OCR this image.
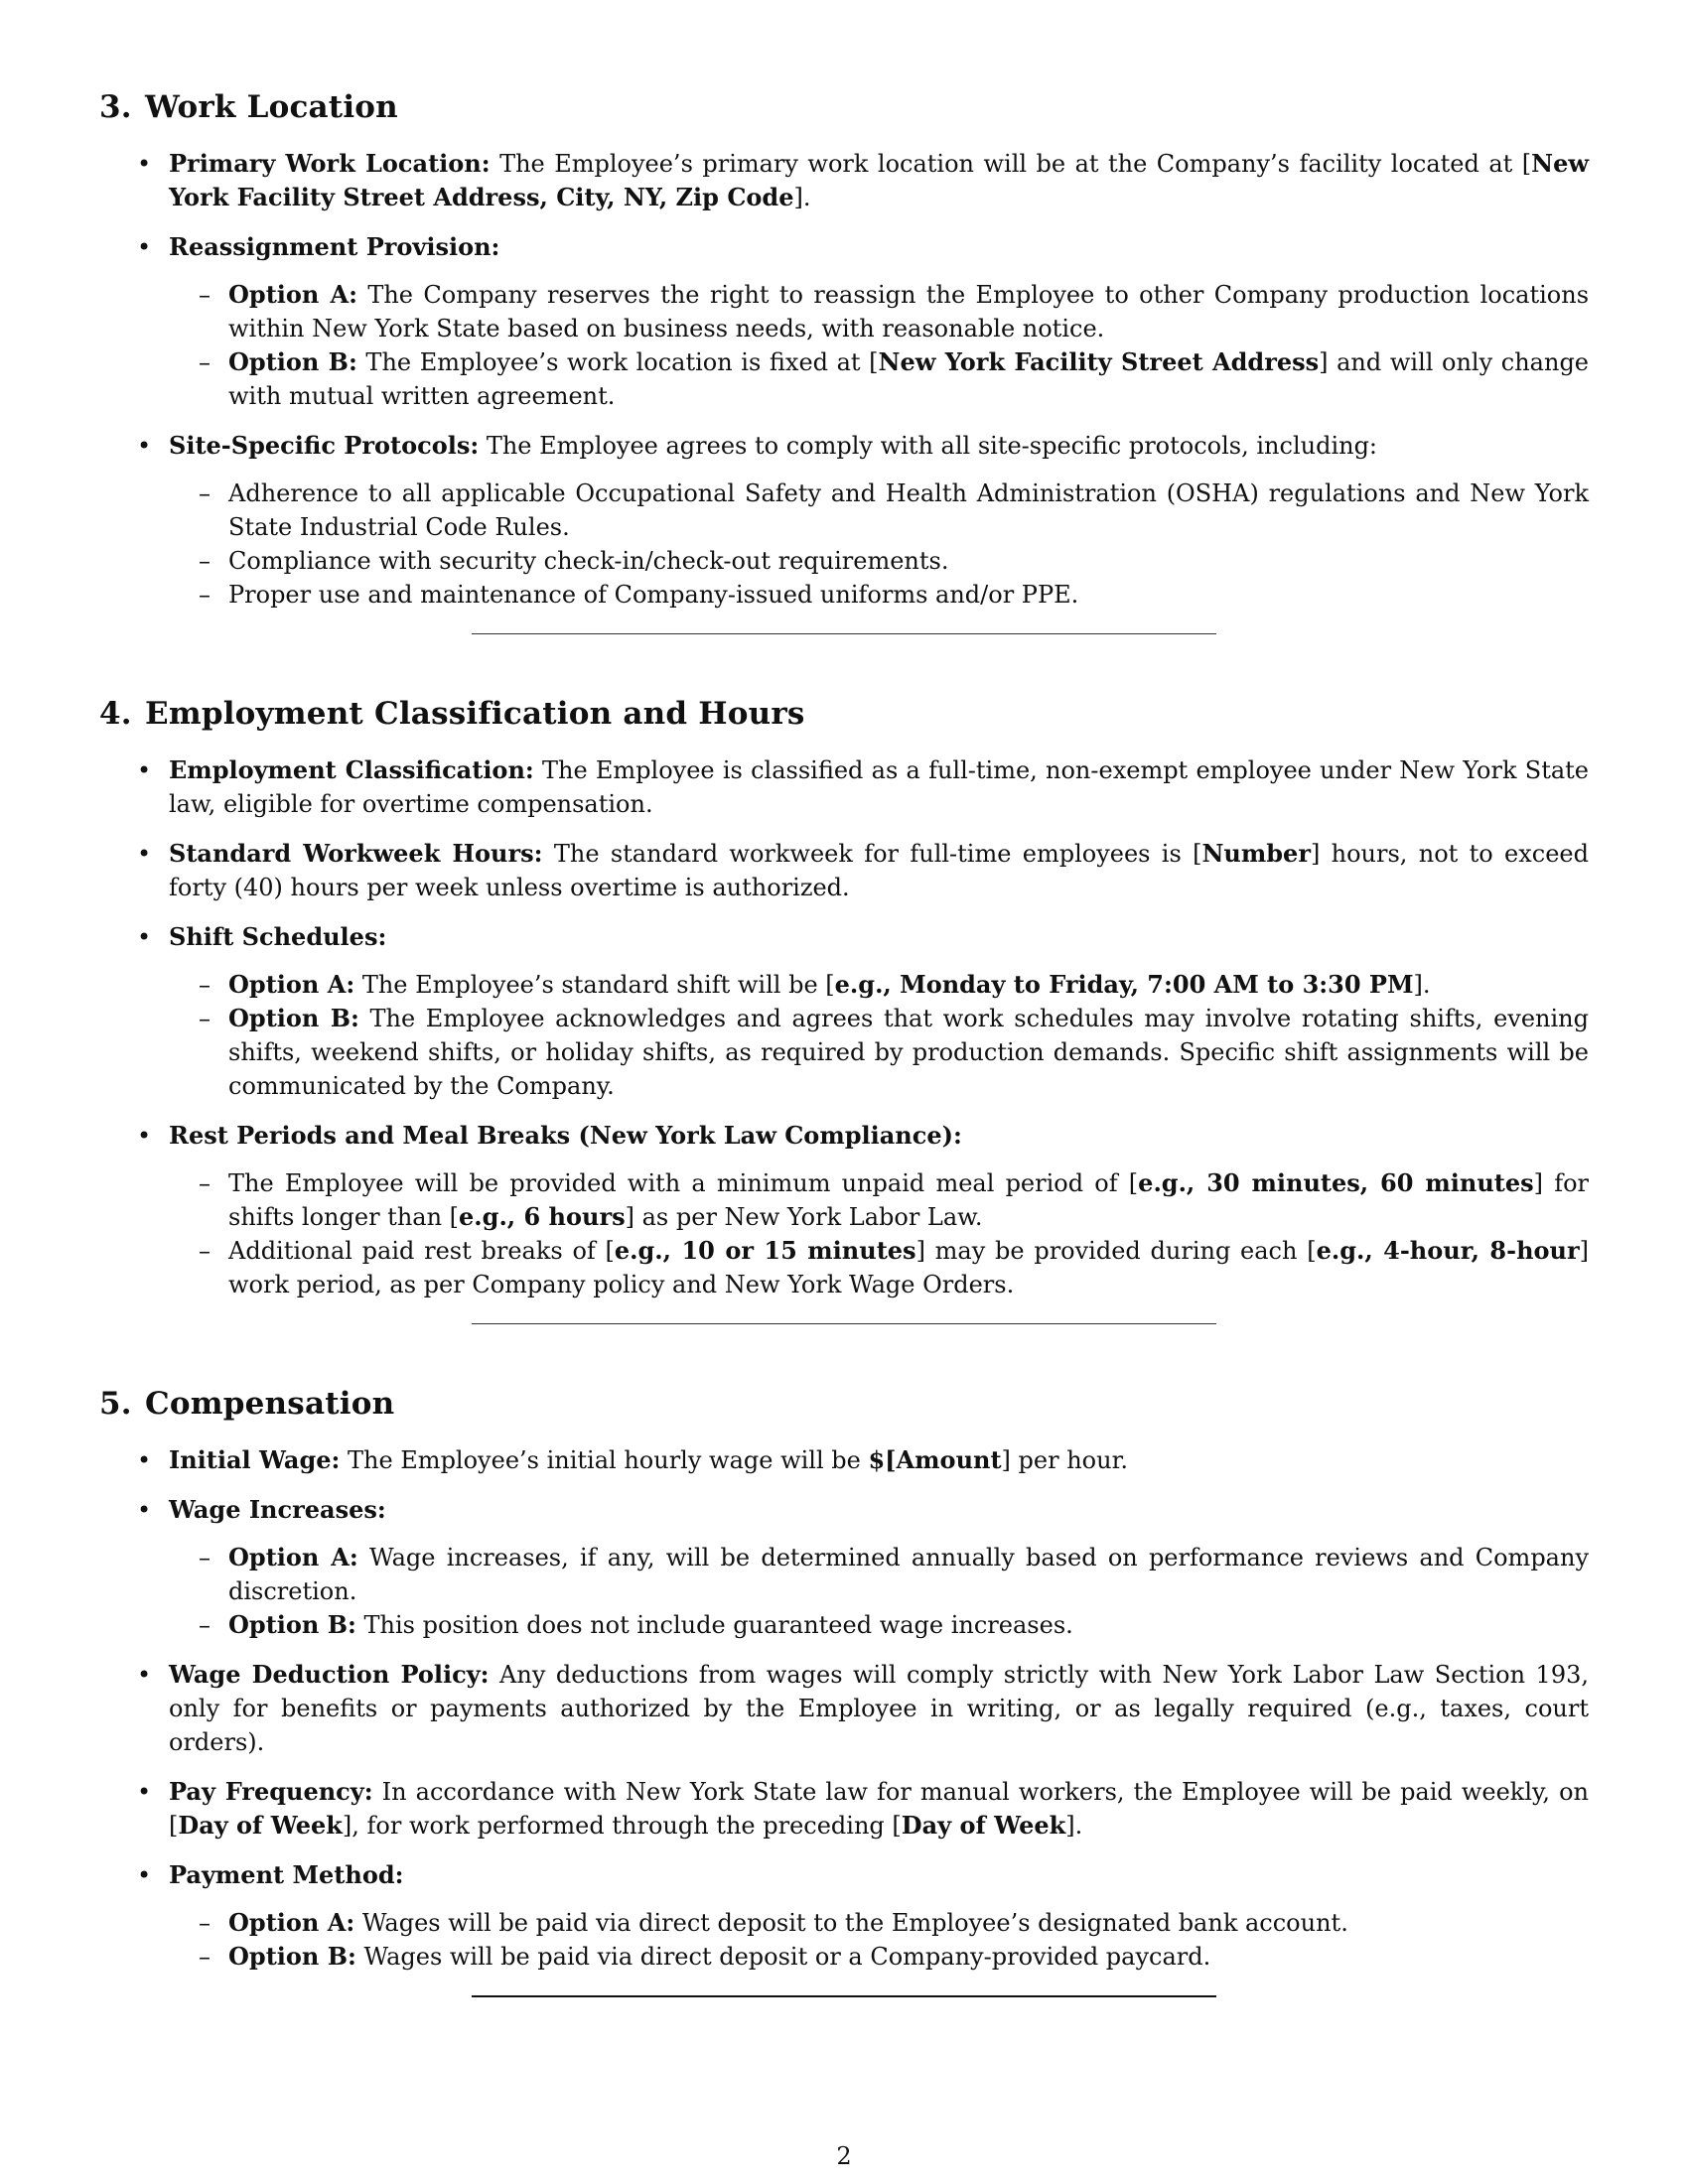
3. Work Location
• Primary Work Location: The Employee’s primary work location will be at the Company’s facility located at [New York Facility Street Address, City, NY, Zip Code].
• Reassignment Provision:
– Option A: The Company reserves the right to reassign the Employee to other Company production locations within New York State based on business needs, with reasonable notice.
– Option B: The Employee’s work location is fixed at [New York Facility Street Address] and will only change with mutual written agreement.
• Site-Specific Protocols: The Employee agrees to comply with all site-specific protocols, including:
– Adherence to all applicable Occupational Safety and Health Administration (OSHA) regulations and New York State Industrial Code Rules.
– Compliance with security check-in/check-out requirements.
– Proper use and maintenance of Company-issued uniforms and/or PPE.
4. Employment Classification and Hours
• Employment Classification: The Employee is classified as a full-time, non-exempt employee under New York State law, eligible for overtime compensation.
• Standard Workweek Hours: The standard workweek for full-time employees is [Number] hours, not to exceed forty (40) hours per week unless overtime is authorized.
• Shift Schedules:
– Option A: The Employee’s standard shift will be [e.g., Monday to Friday, 7:00 AM to 3:30 PM].
– Option B: The Employee acknowledges and agrees that work schedules may involve rotating shifts, evening shifts, weekend shifts, or holiday shifts, as required by production demands. Specific shift assignments will be communicated by the Company.
• Rest Periods and Meal Breaks (New York Law Compliance):
– The Employee will be provided with a minimum unpaid meal period of [e.g., 30 minutes, 60 minutes] for shifts longer than [e.g., 6 hours] as per New York Labor Law.
– Additional paid rest breaks of [e.g., 10 or 15 minutes] may be provided during each [e.g., 4-hour, 8-hour] work period, as per Company policy and New York Wage Orders.
5. Compensation
• Initial Wage: The Employee’s initial hourly wage will be $[Amount] per hour.
• Wage Increases:
– Option A: Wage increases, if any, will be determined annually based on performance reviews and Company discretion.
– Option B: This position does not include guaranteed wage increases.
• Wage Deduction Policy: Any deductions from wages will comply strictly with New York Labor Law Section 193, only for benefits or payments authorized by the Employee in writing, or as legally required (e.g., taxes, court orders).
• Pay Frequency: In accordance with New York State law for manual workers, the Employee will be paid weekly, on [Day of Week], for work performed through the preceding [Day of Week].
• Payment Method:
– Option A: Wages will be paid via direct deposit to the Employee’s designated bank account.
– Option B: Wages will be paid via direct deposit or a Company-provided paycard.
2
